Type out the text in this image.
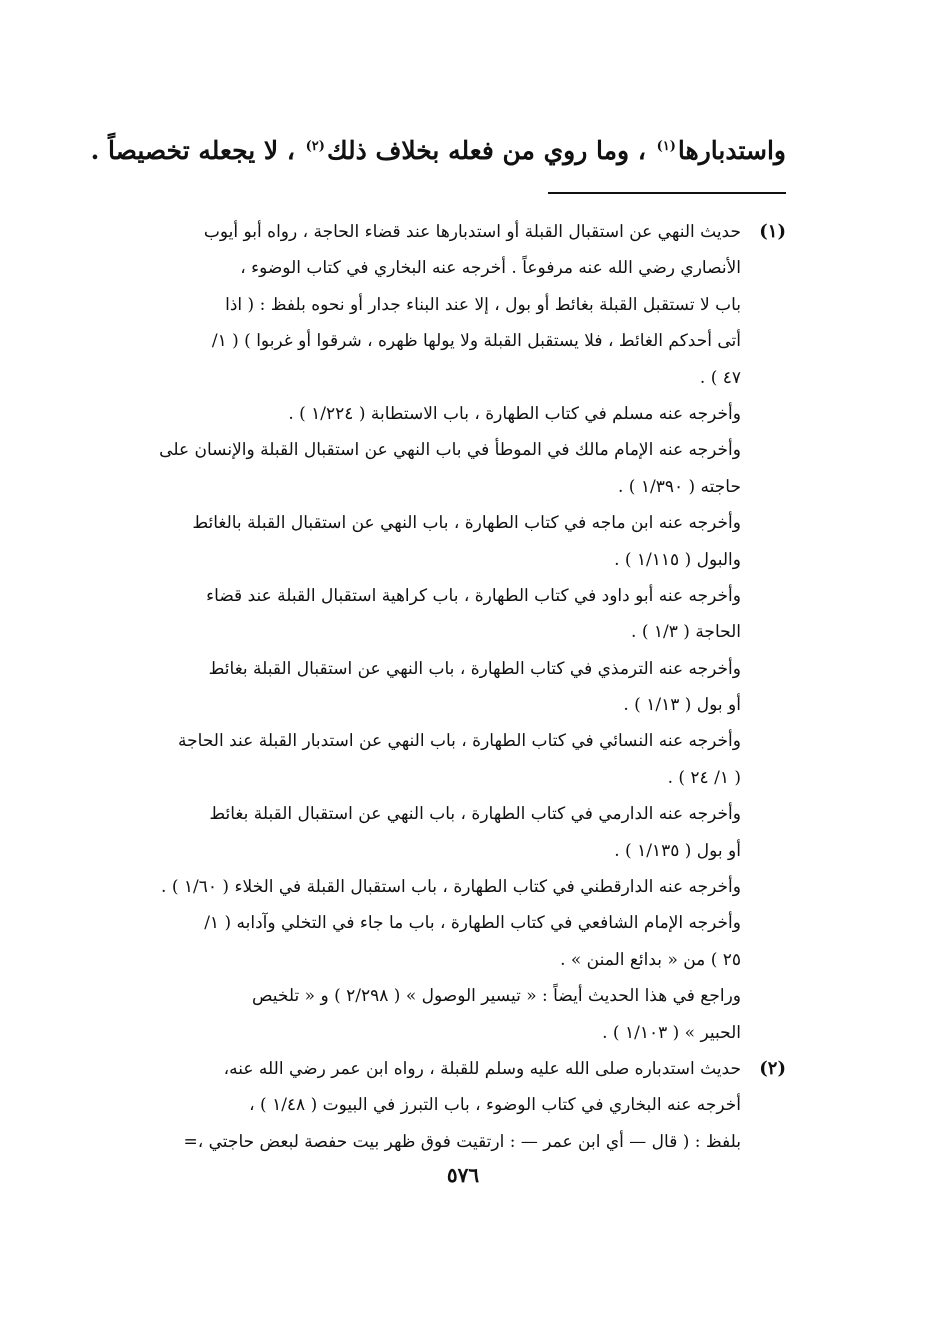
واستدبارها$^{(١)}$ ، وما روي من فعله بخلاف ذلك$^{(٢)}$ ، لا يجعله تخصيصاً .
(١)
حديث النهي عن استقبال القبلة أو استدبارها عند قضاء الحاجة ، رواه أبو أيوب
الأنصاري رضي الله عنه مرفوعاً . أخرجه عنه البخاري في كتاب الوضوء ،
باب لا تستقبل القبلة بغائط أو بول ، إلا عند البناء جدار أو نحوه بلفظ : ( اذا
أتى أحدكم الغائط ، فلا يستقبل القبلة ولا يولها ظهره ، شرقوا أو غربوا ) ( ١/
٤٧ ) .
وأخرجه عنه مسلم في كتاب الطهارة ، باب الاستطابة ( ١/٢٢٤ ) .
وأخرجه عنه الإمام مالك في الموطأ في باب النهي عن استقبال القبلة والإنسان على
حاجته ( ١/٣٩٠ ) .
وأخرجه عنه ابن ماجه في كتاب الطهارة ، باب النهي عن استقبال القبلة بالغائط
والبول ( ١/١١٥ ) .
وأخرجه عنه أبو داود في كتاب الطهارة ، باب كراهية استقبال القبلة عند قضاء
الحاجة ( ١/٣ ) .
وأخرجه عنه الترمذي في كتاب الطهارة ، باب النهي عن استقبال القبلة بغائط
أو بول ( ١/١٣ ) .
وأخرجه عنه النسائي في كتاب الطهارة ، باب النهي عن استدبار القبلة عند الحاجة
( ١/ ٢٤ ) .
وأخرجه عنه الدارمي في كتاب الطهارة ، باب النهي عن استقبال القبلة بغائط
أو بول ( ١/١٣٥ ) .
وأخرجه عنه الدارقطني في كتاب الطهارة ، باب استقبال القبلة في الخلاء ( ١/٦٠ ) .
وأخرجه الإمام الشافعي في كتاب الطهارة ، باب ما جاء في التخلي وآدابه ( ١/
٢٥ ) من « بدائع المنن » .
وراجع في هذا الحديث أيضاً : « تيسير الوصول » ( ٢/٢٩٨ ) و « تلخيص
الحبير » ( ١/١٠٣ ) .
(٢)
حديث استدباره صلى الله عليه وسلم للقبلة ، رواه ابن عمر رضي الله عنه،
أخرجه عنه البخاري في كتاب الوضوء ، باب التبرز في البيوت ( ١/٤٨ ) ،
بلفظ : ( قال — أي ابن عمر — : ارتقيت فوق ظهر بيت حفصة لبعض حاجتي ،=
٥٧٦
